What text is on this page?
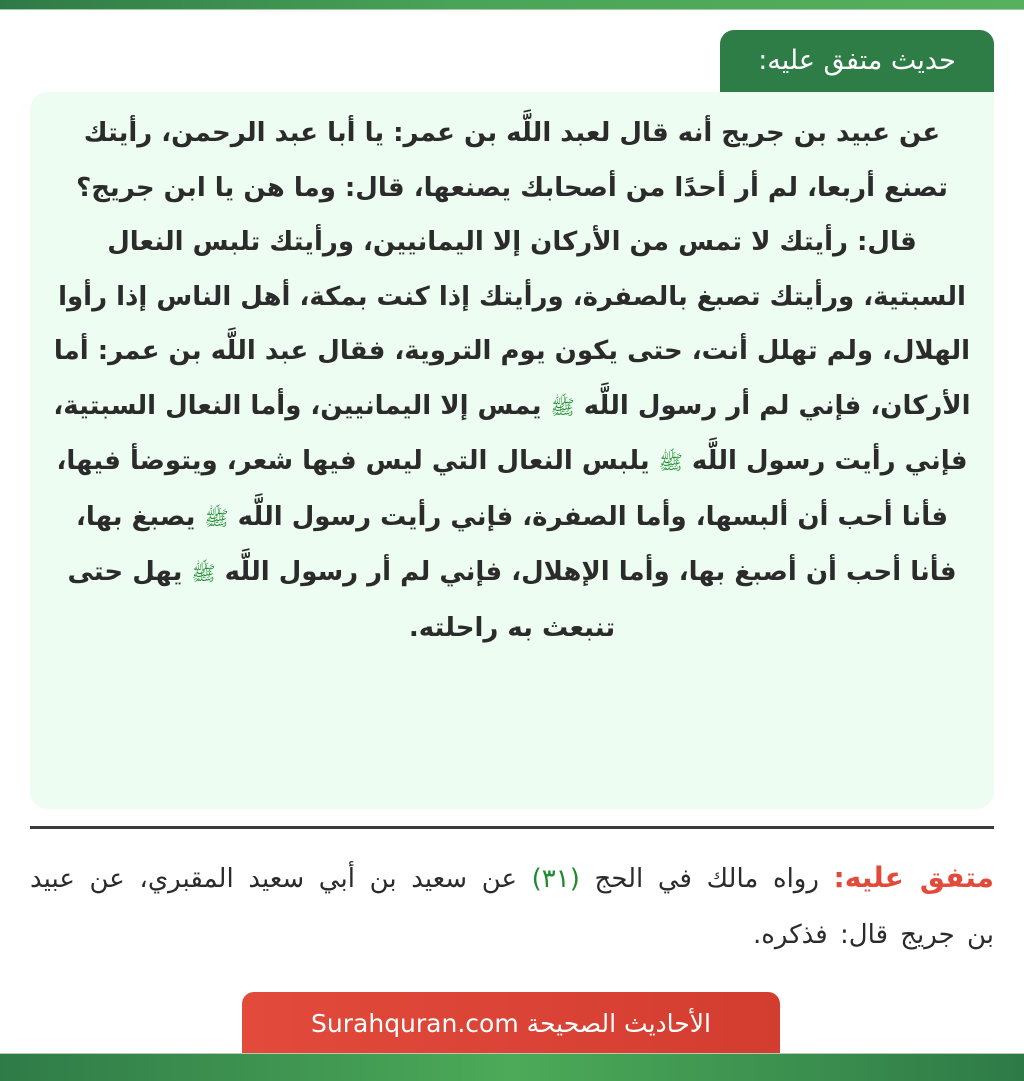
حديث متفق عليه:

عن عبيد بن جريج أنه قال لعبد اللَّه بن عمر: يا أبا عبد الرحمن، رأيتك تصنع أربعا، لم أر أحدًا من أصحابك يصنعها، قال: وما هن يا ابن جريج؟ قال: رأيتك لا تمس من الأركان إلا اليمانيين، ورأيتك تلبس النعال السبتية، ورأيتك تصبغ بالصفرة، ورأيتك إذا كنت بمكة، أهل الناس إذا رأوا الهلال، ولم تهلل أنت، حتى يكون يوم التروية، فقال عبد اللَّه بن عمر: أما الأركان، فإني لم أر رسول اللَّه ﷺ يمس إلا اليمانيين، وأما النعال السبتية، فإني رأيت رسول اللَّه ﷺ يلبس النعال التي ليس فيها شعر، ويتوضأ فيها، فأنا أحب أن ألبسها، وأما الصفرة، فإني رأيت رسول اللَّه ﷺ يصبغ بها، فأنا أحب أن أصبغ بها، وأما الإهلال، فإني لم أر رسول اللَّه ﷺ يهل حتى تنبعث به راحلته.

متفق عليه: رواه مالك في الحج (٣١) عن سعيد بن أبي سعيد المقبري، عن عبيد بن جريج قال: فذكره.

الأحاديث الصحيحة Surahquran.com
